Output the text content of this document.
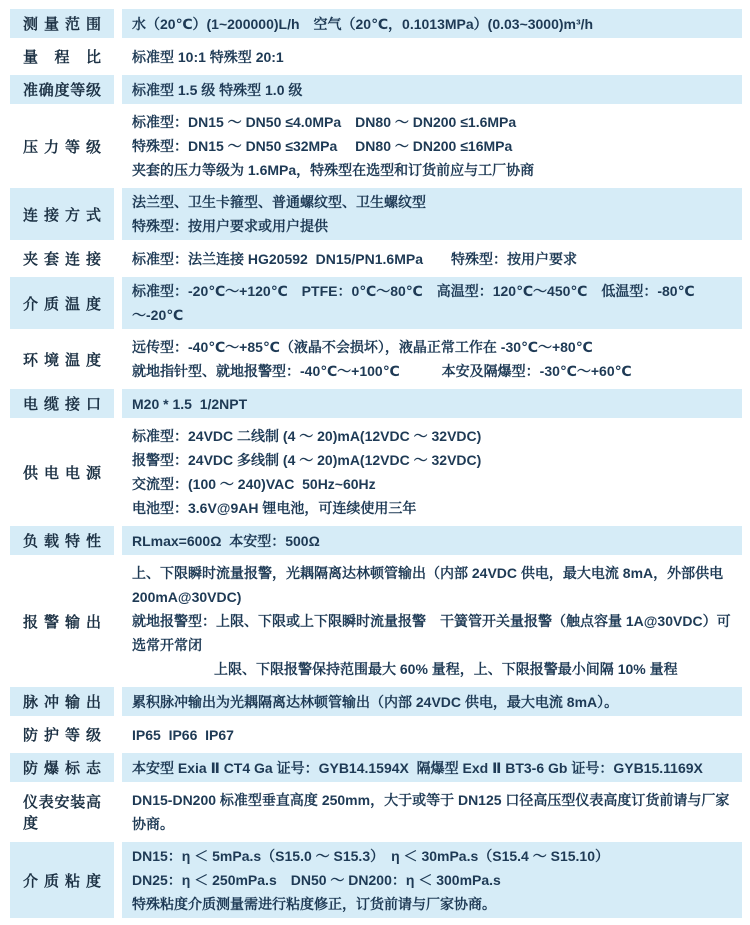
测量范围 水（20℃）(1~200000)L/h　空气（20℃，0.1013MPa）(0.03~3000)m³/h
量程比 标准型 10:1 特殊型 20:1
准确度等级 标准型 1.5 级 特殊型 1.0 级
压力等级
标准型：DN15 ～ DN50 ≤4.0MPa　DN80 ～ DN200 ≤1.6MPa
特殊型：DN15 ～ DN50 ≤32MPa　 DN80 ～ DN200 ≤16MPa
夹套的压力等级为 1.6MPa，特殊型在选型和订货前应与工厂协商
连接方式
法兰型、卫生卡箍型、普通螺纹型、卫生螺纹型
特殊型：按用户要求或用户提供
夹套连接 标准型：法兰连接 HG20592  DN15/PN1.6MPa　　特殊型：按用户要求
介质温度
标准型：-20℃～+120℃　PTFE：0℃～80℃　高温型：120℃～450℃　低温型：-80℃～-20℃
环境温度
远传型：-40℃～+85℃（液晶不会损坏），液晶正常工作在 -30℃～+80℃
就地指针型、就地报警型：-40℃～+100℃　　　本安及隔爆型：-30℃～+60℃
电缆接口 M20 * 1.5  1/2NPT
供电电源
标准型：24VDC 二线制 (4 ～ 20)mA(12VDC ～ 32VDC)
报警型：24VDC 多线制 (4 ～ 20)mA(12VDC ～ 32VDC)
交流型：(100 ～ 240)VAC  50Hz~60Hz
电池型：3.6V@9AH 锂电池，可连续使用三年
负载特性 RLmax=600Ω  本安型：500Ω
报警输出
上、下限瞬时流量报警，光耦隔离达林顿管输出（内部 24VDC 供电，最大电流 8mA，外部供电 200mA@30VDC)
就地报警型：上限、下限或上下限瞬时流量报警　干簧管开关量报警（触点容量 1A@30VDC）可选常开常闭
上限、下限报警保持范围最大 60% 量程，上、下限报警最小间隔 10% 量程
脉冲输出 累积脉冲输出为光耦隔离达林顿管输出（内部 24VDC 供电，最大电流 8mA）。
防护等级 IP65  IP66  IP67
防爆标志 本安型 Exia Ⅱ CT4 Ga 证号：GYB14.1594X  隔爆型 Exd Ⅱ BT3-6 Gb 证号：GYB15.1169X
仪表安装高度
DN15-DN200 标准型垂直高度 250mm，大于或等于 DN125 口径高压型仪表高度订货前请与厂家协商。
介质粘度
DN15：η ＜ 5mPa.s（S15.0 ～ S15.3）　η ＜ 30mPa.s（S15.4 ～ S15.10）
DN25：η ＜ 250mPa.s　DN50 ～ DN200：η ＜ 300mPa.s
特殊粘度介质测量需进行粘度修正，订货前请与厂家协商。
